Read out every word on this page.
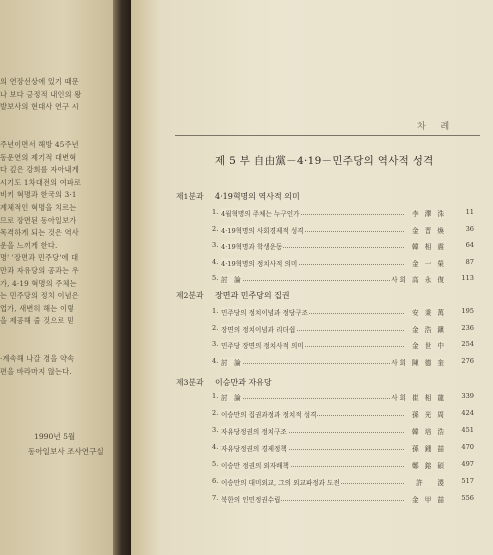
의 연장선상에 있기 때문
나 보다 긍정적 내인의 왕
발보사의 현대사 연구 시
주년이면서 해방 45주년
동운연의 제기적 대변혁
다 깊은 강희를 자아내게
시기도 1차대전의 여파로
비키 혁명과 한국의 3·1
계체적인 혁명을 치르는
므로 장면된 동아일보가
목격하게 되는 것은 역사
운을 느끼게 한다.
명' '장면과 민주당'에 대
만과 자유당의 공과는 우
가, 4·19 혁명의 주체는
는 민주당의 정치 이념은
업가, 새변히 해는 이렇
을 제공해 줄 것으로 믿
·계속해 나갈 경을 약속
편을 바라마지 않는다.
1990년 5월
동아일보사 조사연구실
차 례
제 5 부 自由黨－4·19－민주당의 역사적 성격
제1분과 4·19혁명의 역사적 의미
1. 4월혁명의 주체는 누구인가	李 澤 洙	11
2. 4·19혁명의 사회경제적 성격	金 晋 煥	36
3. 4·19혁명과 학생운동	韓 相 震	64
4. 4·19혁명의 정치사적 의미	金 一 榮	87
5. 討　論	사회 高 永 復	113
제2분과 장면과 민주당의 집권
1. 민주당의 정치이념과 정당구조	安 秉 萬	195
2. 장면의 정치이념과 리더쉽	金 浩 鎭	236
3. 민주당 장면의 정치사적 의미	金 世 中	254
4. 討　論	사회 陳 德 奎	276
제3분과 이승만과 자유당
1. 討　論	사회 崔 相 龍	339
2. 이승만의 집권과정과 정치적 성격	孫 光 周	424
3. 자유당정권의 정치구조	韓 培 浩	451
4. 자유당정권의 경제정책	孫 鍾 喆	470
5. 이승만 정권의 외자배책	鄭 鎔 碩	497
6. 이승만의 대미외교, 그의 외교파정과 도전	許　 溭	517
7. 북한의 인민정권수립	金 甲 喆	556
